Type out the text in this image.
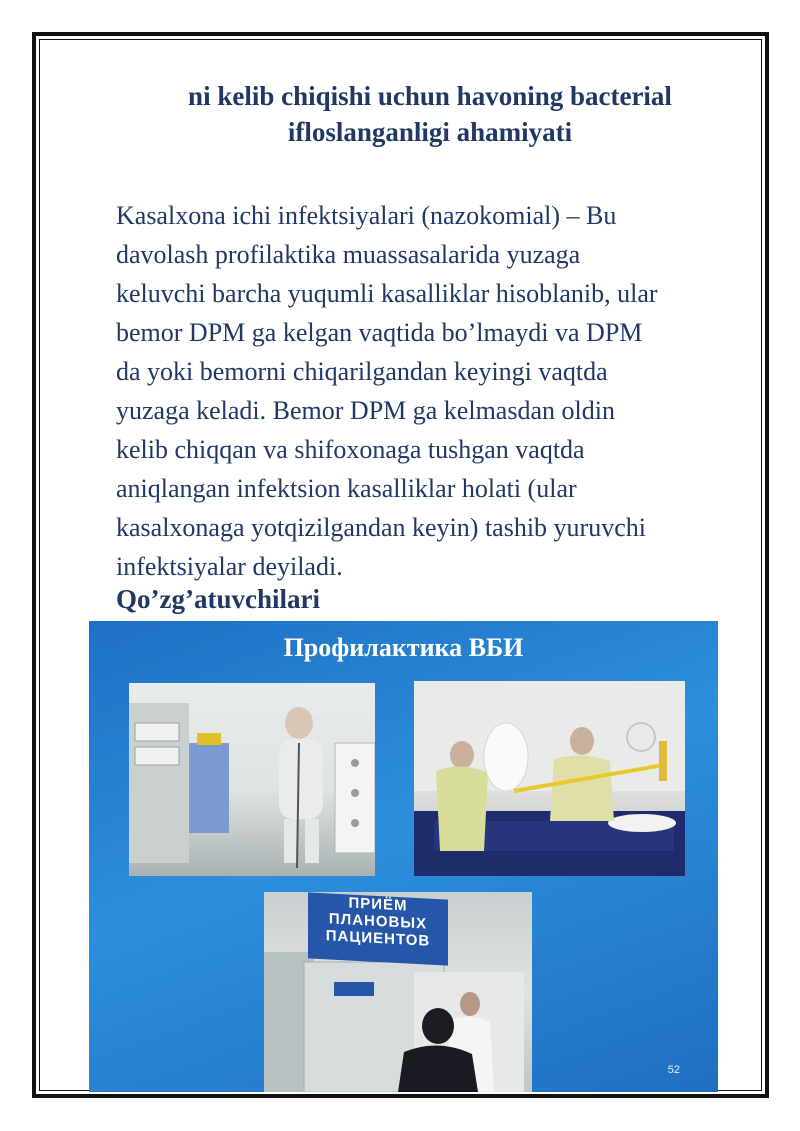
ni kelib chiqishi uchun havoning bacterial
ifloslanganligi ahamiyati
Kasalxona ichi infektsiyalari (nazokomial) – Bu
davolash profilaktika muassasalarida yuzaga
keluvchi barcha yuqumli kasalliklar hisoblanib, ular
bemor DPM ga kelgan vaqtida bo’lmaydi va DPM
da yoki bemorni chiqarilgandan keyingi vaqtda
yuzaga keladi. Bemor DPM ga kelmasdan oldin
kelib chiqqan va shifoxonaga tushgan vaqtda
aniqlangan infektsion kasalliklar holati (ular
kasalxonaga yotqizilgandan keyin) tashib yuruvchi
infektsiyalar deyiladi.
Qo’zg’atuvchilari
Профилактика ВБИ
ПРИЁМ
ПЛАНОВЫХ
ПАЦИЕНТОВ
52
